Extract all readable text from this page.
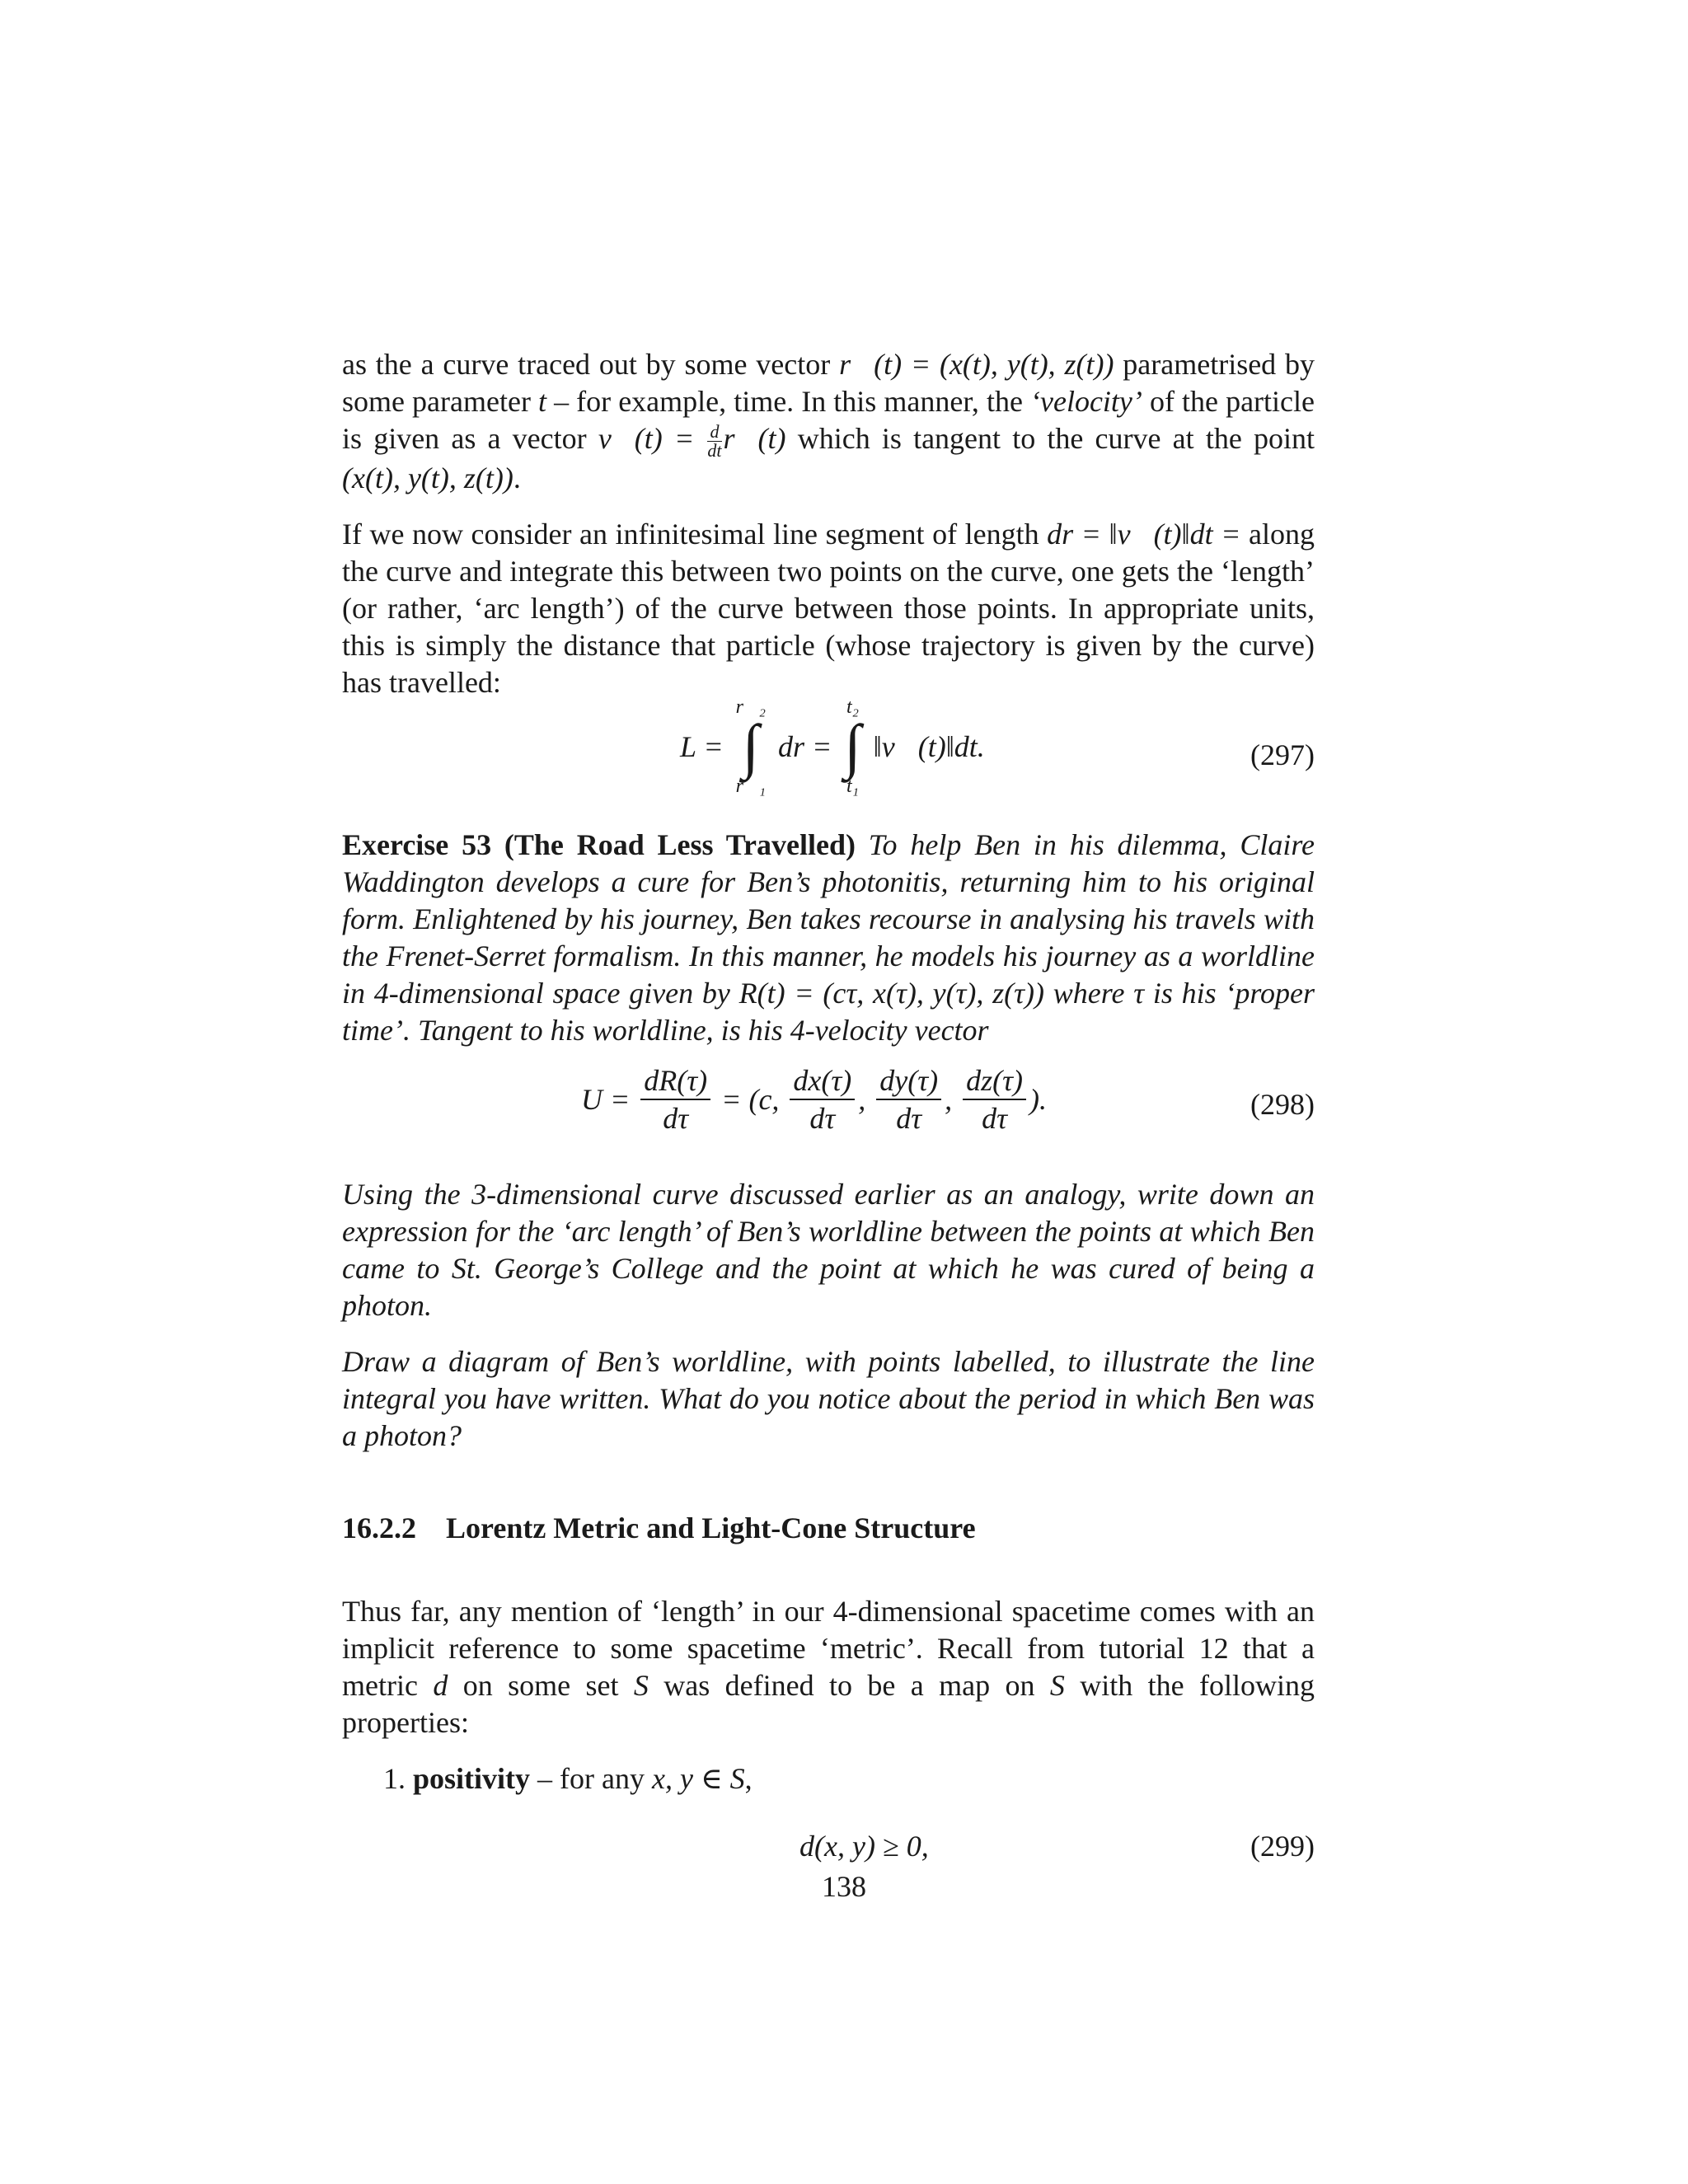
as the a curve traced out by some vector r⃗(t) = (x(t), y(t), z(t)) parametrised by some parameter t – for example, time. In this manner, the ‘velocity’ of the particle is given as a vector v⃗(t) = $\frac{d}{dt}$ r⃗(t) which is tangent to the curve at the point (x(t), y(t), z(t)).

If we now consider an infinitesimal line segment of length dr = ‖v⃗(t)‖dt = along the curve and integrate this between two points on the curve, one gets the ‘length’ (or rather, ‘arc length’) of the curve between those points. In appropriate units, this is simply the distance that particle (whose trajectory is given by the curve) has travelled:

L =
r⃗₂
∫
r⃗₁
dr =
t₂
∫
t₁
‖v⃗(t)‖dt.	(297)

Exercise 53 (The Road Less Travelled) To help Ben in his dilemma, Claire Waddington develops a cure for Ben’s photonitis, returning him to his original form. Enlightened by his journey, Ben takes recourse in analysing his travels with the Frenet-Serret formalism. In this manner, he models his journey as a worldline in 4-dimensional space given by R(t) = (cτ, x(τ), y(τ), z(τ)) where τ is his ‘proper time’. Tangent to his worldline, is his 4-velocity vector

$U = \frac{dR(\tau)}{d\tau} = (c$, $\frac{dx(\tau)}{d\tau}$ , $\frac{dy(\tau)}{d\tau}$ , $\frac{dz(\tau)}{d\tau}$ ).	(298)

Using the 3-dimensional curve discussed earlier as an analogy, write down an expression for the ‘arc length’ of Ben’s worldline between the points at which Ben came to St. George’s College and the point at which he was cured of being a photon.

Draw a diagram of Ben’s worldline, with points labelled, to illustrate the line integral you have written. What do you notice about the period in which Ben was a photon?

16.2.2 Lorentz Metric and Light-Cone Structure

Thus far, any mention of ‘length’ in our 4-dimensional spacetime comes with an implicit reference to some spacetime ‘metric’. Recall from tutorial 12 that a metric d on some set S was defined to be a map on S with the following properties:

1. positivity – for any x, y ∈ S,

d(x, y) ≥ 0,	(299)
138
